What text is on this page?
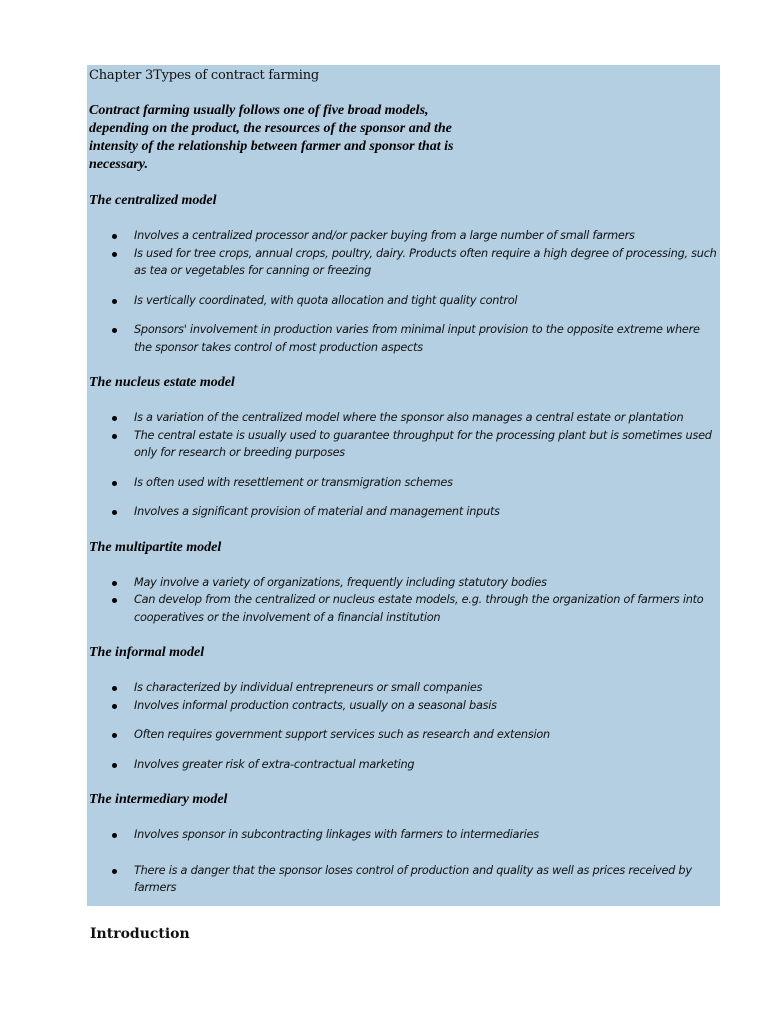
Chapter 3Types of contract farming
Contract farming usually follows one of five broad models, depending on the product, the resources of the sponsor and the intensity of the relationship between farmer and sponsor that is necessary.
The centralized model
Involves a centralized processor and/or packer buying from a large number of small farmers
Is used for tree crops, annual crops, poultry, dairy. Products often require a high degree of processing, such as tea or vegetables for canning or freezing
Is vertically coordinated, with quota allocation and tight quality control
Sponsors' involvement in production varies from minimal input provision to the opposite extreme where the sponsor takes control of most production aspects
The nucleus estate model
Is a variation of the centralized model where the sponsor also manages a central estate or plantation
The central estate is usually used to guarantee throughput for the processing plant but is sometimes used only for research or breeding purposes
Is often used with resettlement or transmigration schemes
Involves a significant provision of material and management inputs
The multipartite model
May involve a variety of organizations, frequently including statutory bodies
Can develop from the centralized or nucleus estate models, e.g. through the organization of farmers into cooperatives or the involvement of a financial institution
The informal model
Is characterized by individual entrepreneurs or small companies
Involves informal production contracts, usually on a seasonal basis
Often requires government support services such as research and extension
Involves greater risk of extra-contractual marketing
The intermediary model
Involves sponsor in subcontracting linkages with farmers to intermediaries
There is a danger that the sponsor loses control of production and quality as well as prices received by farmers
Introduction
